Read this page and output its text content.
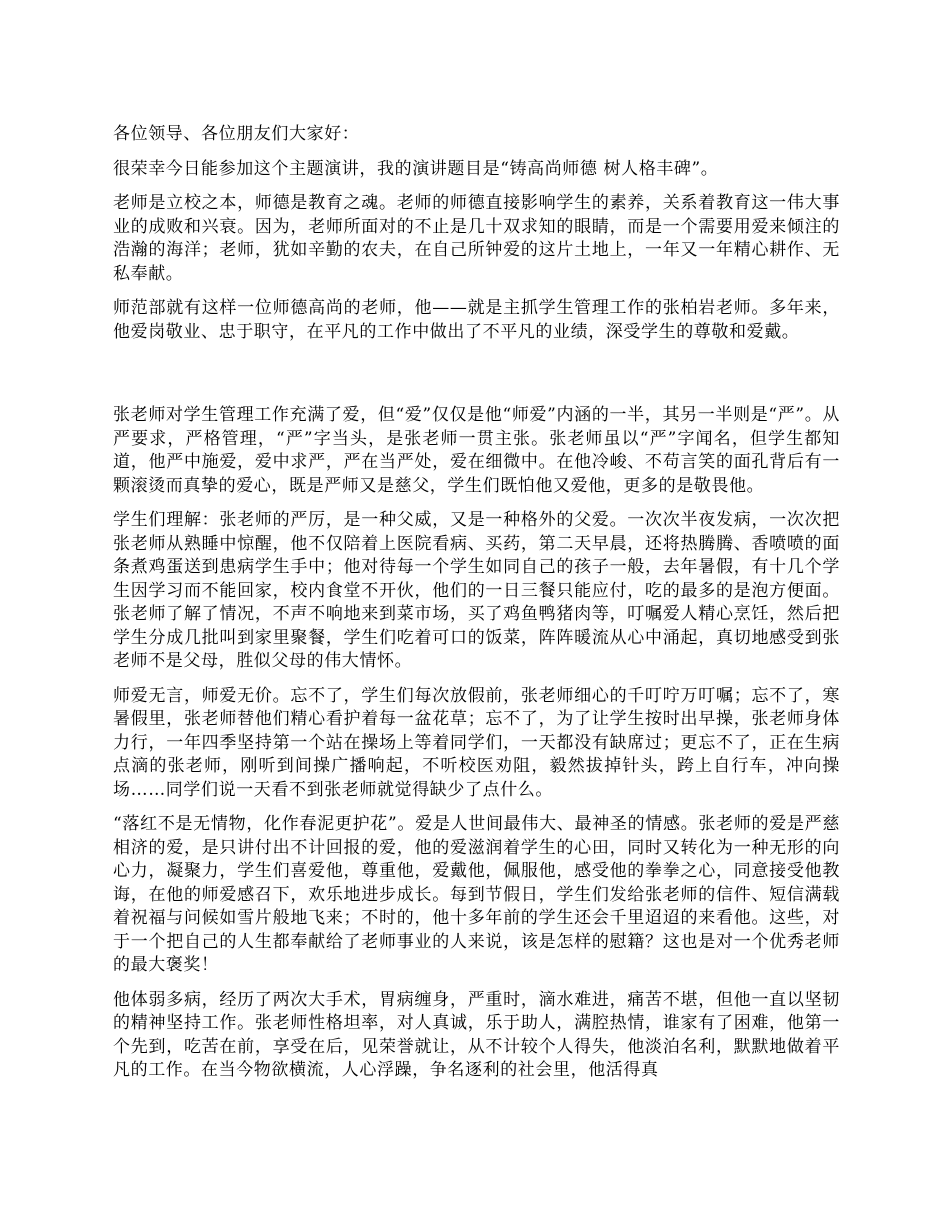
各位领导、各位朋友们大家好：

很荣幸今日能参加这个主题演讲，我的演讲题目是“铸高尚师德 树人格丰碑”。

老师是立校之本，师德是教育之魂。老师的师德直接影响学生的素养，关系着教育这一伟大事业的成败和兴衰。因为，老师所面对的不止是几十双求知的眼睛，而是一个需要用爱来倾注的浩瀚的海洋；老师，犹如辛勤的农夫，在自己所钟爱的这片土地上，一年又一年精心耕作、无私奉献。

师范部就有这样一位师德高尚的老师，他——就是主抓学生管理工作的张柏岩老师。多年来，他爱岗敬业、忠于职守，在平凡的工作中做出了不平凡的业绩，深受学生的尊敬和爱戴。

张老师对学生管理工作充满了爱，但“爱”仅仅是他“师爱”内涵的一半，其另一半则是“严”。从严要求，严格管理，“严”字当头，是张老师一贯主张。张老师虽以“严”字闻名，但学生都知道，他严中施爱，爱中求严，严在当严处，爱在细微中。在他冷峻、不苟言笑的面孔背后有一颗滚烫而真挚的爱心，既是严师又是慈父，学生们既怕他又爱他，更多的是敬畏他。

学生们理解：张老师的严厉，是一种父威，又是一种格外的父爱。一次次半夜发病，一次次把张老师从熟睡中惊醒，他不仅陪着上医院看病、买药，第二天早晨，还将热腾腾、香喷喷的面条煮鸡蛋送到患病学生手中；他对待每一个学生如同自己的孩子一般，去年暑假，有十几个学生因学习而不能回家，校内食堂不开伙，他们的一日三餐只能应付，吃的最多的是泡方便面。张老师了解了情况，不声不响地来到菜市场，买了鸡鱼鸭猪肉等，叮嘱爱人精心烹饪，然后把学生分成几批叫到家里聚餐，学生们吃着可口的饭菜，阵阵暖流从心中涌起，真切地感受到张老师不是父母，胜似父母的伟大情怀。

师爱无言，师爱无价。忘不了，学生们每次放假前，张老师细心的千叮咛万叮嘱；忘不了，寒暑假里，张老师替他们精心看护着每一盆花草；忘不了，为了让学生按时出早操，张老师身体力行，一年四季坚持第一个站在操场上等着同学们，一天都没有缺席过；更忘不了，正在生病点滴的张老师，刚听到间操广播响起，不听校医劝阻，毅然拔掉针头，跨上自行车，冲向操场……同学们说一天看不到张老师就觉得缺少了点什么。

“落红不是无情物，化作春泥更护花”。爱是人世间最伟大、最神圣的情感。张老师的爱是严慈相济的爱，是只讲付出不计回报的爱，他的爱滋润着学生的心田，同时又转化为一种无形的向心力，凝聚力，学生们喜爱他，尊重他，爱戴他，佩服他，感受他的拳拳之心，同意接受他教诲，在他的师爱感召下，欢乐地进步成长。每到节假日，学生们发给张老师的信件、短信满载着祝福与问候如雪片般地飞来；不时的，他十多年前的学生还会千里迢迢的来看他。这些，对于一个把自己的人生都奉献给了老师事业的人来说，该是怎样的慰籍？这也是对一个优秀老师的最大褒奖！

他体弱多病，经历了两次大手术，胃病缠身，严重时，滴水难进，痛苦不堪，但他一直以坚韧的精神坚持工作。张老师性格坦率，对人真诚，乐于助人，满腔热情，谁家有了困难，他第一个先到，吃苦在前，享受在后，见荣誉就让，从不计较个人得失，他淡泊名利，默默地做着平凡的工作。在当今物欲横流，人心浮躁，争名逐利的社会里，他活得真
